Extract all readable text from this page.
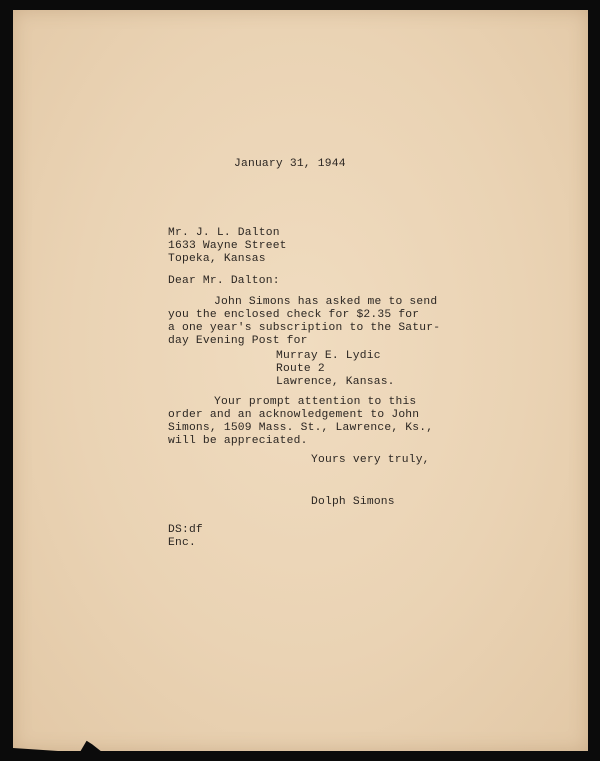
January 31, 1944

Mr. J. L. Dalton

1633 Wayne Street

Topeka, Kansas

Dear Mr. Dalton:

John Simons has asked me to send

you the enclosed check for $2.35 for

a one year's subscription to the Satur-

day Evening Post for

Murray E. Lydic

Route 2

Lawrence, Kansas.

Your prompt attention to this

order and an acknowledgement to John

Simons, 1509 Mass. St., Lawrence, Ks.,

will be appreciated.

Yours very truly,

Dolph Simons

DS:df

Enc.
